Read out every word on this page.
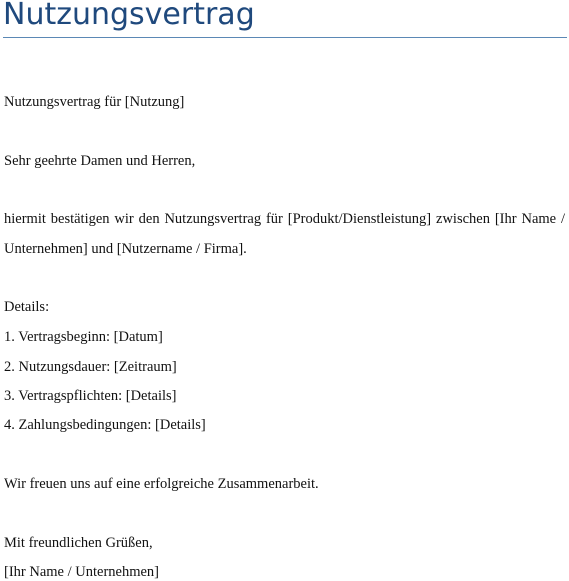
Nutzungsvertrag

Nutzungsvertrag für [Nutzung]

Sehr geehrte Damen und Herren,

hiermit bestätigen wir den Nutzungsvertrag für [Produkt/Dienstleistung] zwischen [Ihr Name /

Unternehmen] und [Nutzername / Firma].

Details:

1. Vertragsbeginn: [Datum]

2. Nutzungsdauer: [Zeitraum]

3. Vertragspflichten: [Details]

4. Zahlungsbedingungen: [Details]

Wir freuen uns auf eine erfolgreiche Zusammenarbeit.

Mit freundlichen Grüßen,

[Ihr Name / Unternehmen]
